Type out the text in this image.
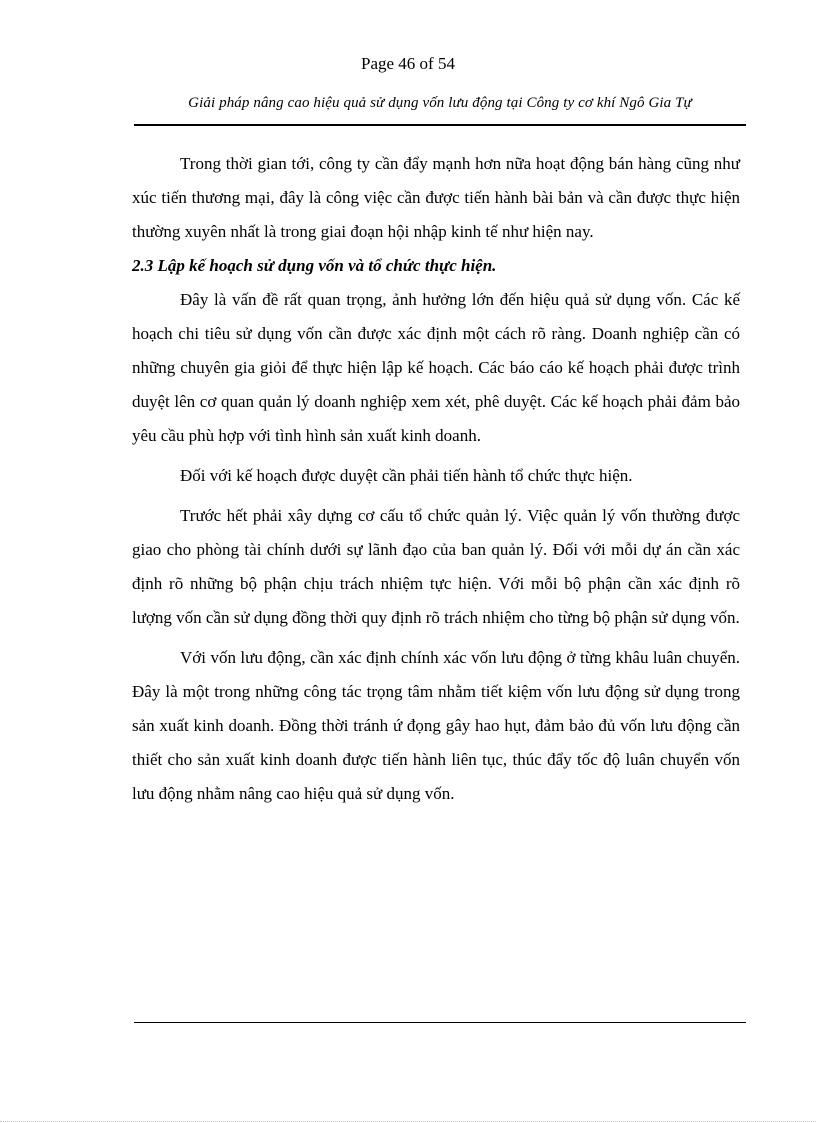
Page 46 of 54
Giải pháp nâng cao hiệu quả sử dụng vốn lưu động tại Công ty cơ khí Ngô Gia Tự

Trong thời gian tới, công ty cần đẩy mạnh hơn nữa hoạt động bán hàng cũng như xúc tiến thương mại, đây là công việc cần được tiến hành bài bản và cần được thực hiện thường xuyên nhất là trong giai đoạn hội nhập kinh tế như hiện nay.

2.3 Lập kế hoạch sử dụng vốn và tổ chức thực hiện.

Đây là vấn đề rất quan trọng, ảnh hưởng lớn đến hiệu quả sử dụng vốn. Các kế hoạch chi tiêu sử dụng vốn cần được xác định một cách rõ ràng. Doanh nghiệp cần có những chuyên gia giỏi để thực hiện lập kế hoạch. Các báo cáo kế hoạch phải được trình duyệt lên cơ quan quản lý doanh nghiệp xem xét, phê duyệt. Các kế hoạch phải đảm bảo yêu cầu phù hợp với tình hình sản xuất kinh doanh.

Đối với kế hoạch được duyệt cần phải tiến hành tổ chức thực hiện.

Trước hết phải xây dựng cơ cấu tổ chức quản lý. Việc quản lý vốn thường được giao cho phòng tài chính dưới sự lãnh đạo của ban quản lý. Đối với mỗi dự án cần xác định rõ những bộ phận chịu trách nhiệm tực hiện. Với mỗi bộ phận cần xác định rõ lượng vốn cần sử dụng đồng thời quy định rõ trách nhiệm cho từng bộ phận sử dụng vốn.

Với vốn lưu động, cần xác định chính xác vốn lưu động ở từng khâu luân chuyển. Đây là một trong những công tác trọng tâm nhằm tiết kiệm vốn lưu động sử dụng trong sản xuất kinh doanh. Đồng thời tránh ứ đọng gây hao hụt, đảm bảo đủ vốn lưu động cần thiết cho sản xuất kinh doanh được tiến hành liên tục, thúc đẩy tốc độ luân chuyển vốn lưu động nhằm nâng cao hiệu quả sử dụng vốn.
